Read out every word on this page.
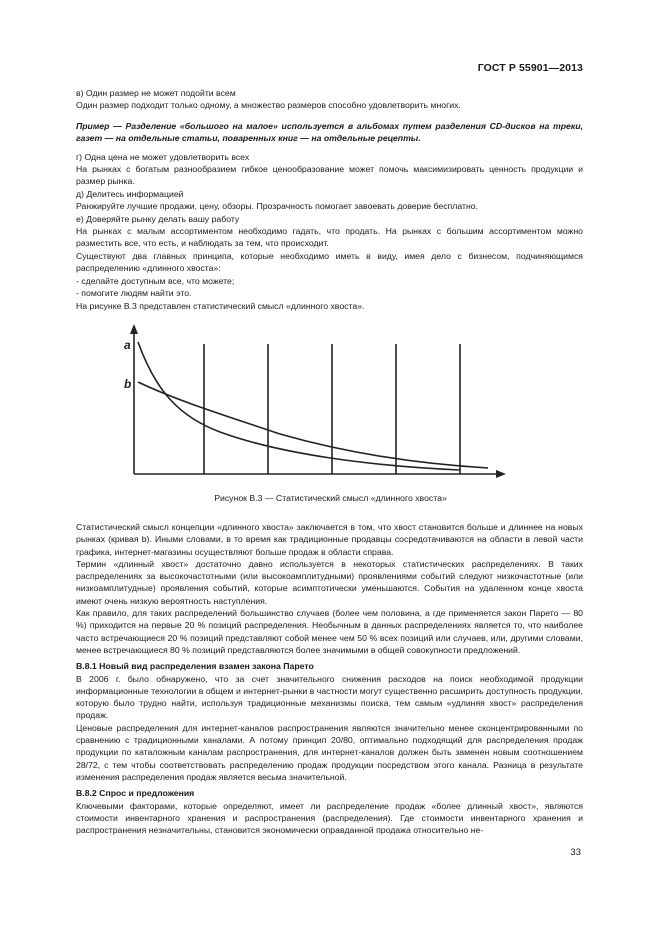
ГОСТ Р 55901—2013

в) Один размер не может подойти всем

Один размер подходит только одному, а множество размеров способно удовлетворить многих.

Пример — Разделение «большого на малое» используется в альбомах путем разделения CD-дисков на треки, газет — на отдельные статьи, поваренных книг — на отдельные рецепты.

г) Одна цена не может удовлетворить всех

На рынках с богатым разнообразием гибкое ценообразование может помочь максимизировать ценность продукции и размер рынка.

д) Делитесь информацией

Ранжируйте лучшие продажи, цену, обзоры. Прозрачность помогает завоевать доверие бесплатно.

е) Доверяйте рынку делать вашу работу

На рынках с малым ассортиментом необходимо гадать, что продать. На рынках с большим ассортиментом можно разместить все, что есть, и наблюдать за тем, что происходит.

Существуют два главных принципа, которые необходимо иметь в виду, имея дело с бизнесом, подчиняющимся распределению «длинного хвоста»:

- сделайте доступным все, что можете;

- помогите людям найти это.

На рисунке В.3 представлен статистический смысл «длинного хвоста».

a
b
Рисунок В.3 — Статистический смысл «длинного хвоста»

Статистический смысл концепции «длинного хвоста» заключается в том, что хвост становится больше и длиннее на новых рынках (кривая b). Иными словами, в то время как традиционные продавцы сосредотачиваются на области в левой части графика, интернет-магазины осуществляют больше продаж в области справа.

Термин «длинный хвост» достаточно давно используется в некоторых статистических распределениях. В таких распределениях за высокочастотными (или высокоамплитудными) проявлениями событий следуют низкочастотные (или низкоамплитудные) проявления событий, которые асимптотически уменьшаются. События на удаленном конце хвоста имеют очень низкую вероятность наступления.

Как правило, для таких распределений большинство случаев (более чем половина, а где применяется закон Парето — 80 %) приходится на первые 20 % позиций распределения. Необычным в данных распределениях является то, что наиболее часто встречающиеся 20 % позиций представляют собой менее чем 50 % всех позиций или случаев, или, другими словами, менее встречающиеся 80 % позиций представляются более значимыми в общей совокупности предложений.

В.8.1 Новый вид распределения взамен закона Парето

В 2006 г. было обнаружено, что за счет значительного снижения расходов на поиск необходимой продукции информационные технологии в общем и интернет-рынки в частности могут существенно расширить доступность продукции, которую было трудно найти, используя традиционные механизмы поиска, тем самым «удлиняя хвост» распределения продаж.

Ценовые распределения для интернет-каналов распространения являются значительно менее сконцентрированными по сравнению с традиционными каналами. А потому принцип 20/80, оптимально подходящий для распределения продаж продукции по каталожным каналам распространения, для интернет-каналов должен быть заменен новым соотношением 28/72, с тем чтобы соответствовать распределению продаж продукции посредством этого канала. Разница в результате изменения распределения продаж является весьма значительной.

В.8.2 Спрос и предложения

Ключевыми факторами, которые определяют, имеет ли распределение продаж «более длинный хвост», являются стоимости инвентарного хранения и распространения (распределения). Где стоимости инвентарного хранения и распространения незначительны, становится экономически оправданной продажа относительно не-

33
